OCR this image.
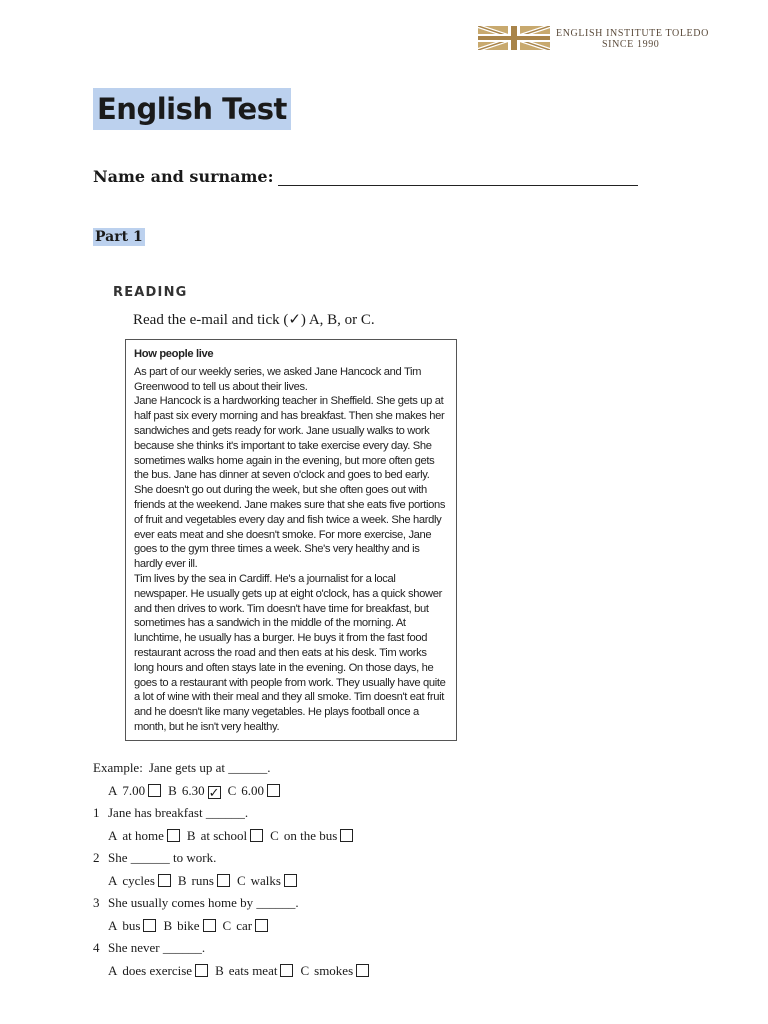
ENGLISH INSTITUTE TOLEDO
SINCE 1990
English Test
Name and surname:
Part 1
READING
Read the e-mail and tick (✓) A, B, or C.
How people live

As part of our weekly series, we asked Jane Hancock and Tim Greenwood to tell us about their lives.

Jane Hancock is a hardworking teacher in Sheffield. She gets up at half past six every morning and has breakfast. Then she makes her sandwiches and gets ready for work. Jane usually walks to work because she thinks it's important to take exercise every day. She sometimes walks home again in the evening, but more often gets the bus. Jane has dinner at seven o'clock and goes to bed early. She doesn't go out during the week, but she often goes out with friends at the weekend. Jane makes sure that she eats five portions of fruit and vegetables every day and fish twice a week. She hardly ever eats meat and she doesn't smoke. For more exercise, Jane goes to the gym three times a week. She's very healthy and is hardly ever ill.

Tim lives by the sea in Cardiff. He's a journalist for a local newspaper. He usually gets up at eight o'clock, has a quick shower and then drives to work. Tim doesn't have time for breakfast, but sometimes has a sandwich in the middle of the morning. At lunchtime, he usually has a burger. He buys it from the fast food restaurant across the road and then eats at his desk. Tim works long hours and often stays late in the evening. On those days, he goes to a restaurant with people from work. They usually have quite a lot of wine with their meal and they all smoke. Tim doesn't eat fruit and he doesn't like many vegetables. He plays football once a month, but he isn't very healthy.

Example: Jane gets up at ______.
A 7.00 B 6.30 ✓ C 6.00
1 Jane has breakfast ______.
A at home B at school C on the bus
2 She ______ to work.
A cycles B runs C walks
3 She usually comes home by ______.
A bus B bike C car
4 She never ______.
A does exercise B eats meat C smokes
